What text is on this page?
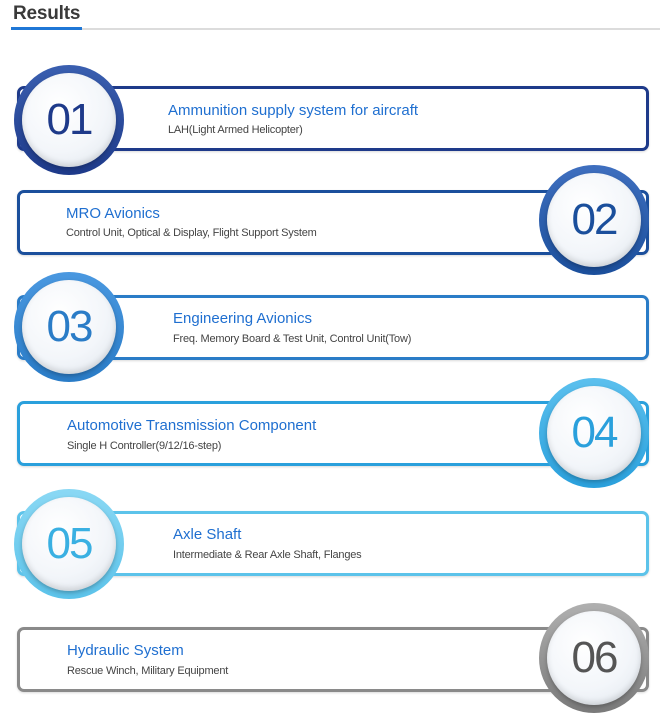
Results
Ammunition supply system for aircraft
LAH(Light Armed Helicopter)
01
MRO Avionics
Control Unit, Optical & Display, Flight Support System	02
Engineering Avionics
Freq. Memory Board & Test Unit, Control Unit(Tow)
03
Automotive Transmission Component
Single H Controller(9/12/16-step)	04
Axle Shaft
Intermediate & Rear Axle Shaft, Flanges
05
Hydraulic System
Rescue Winch, Military Equipment	06
